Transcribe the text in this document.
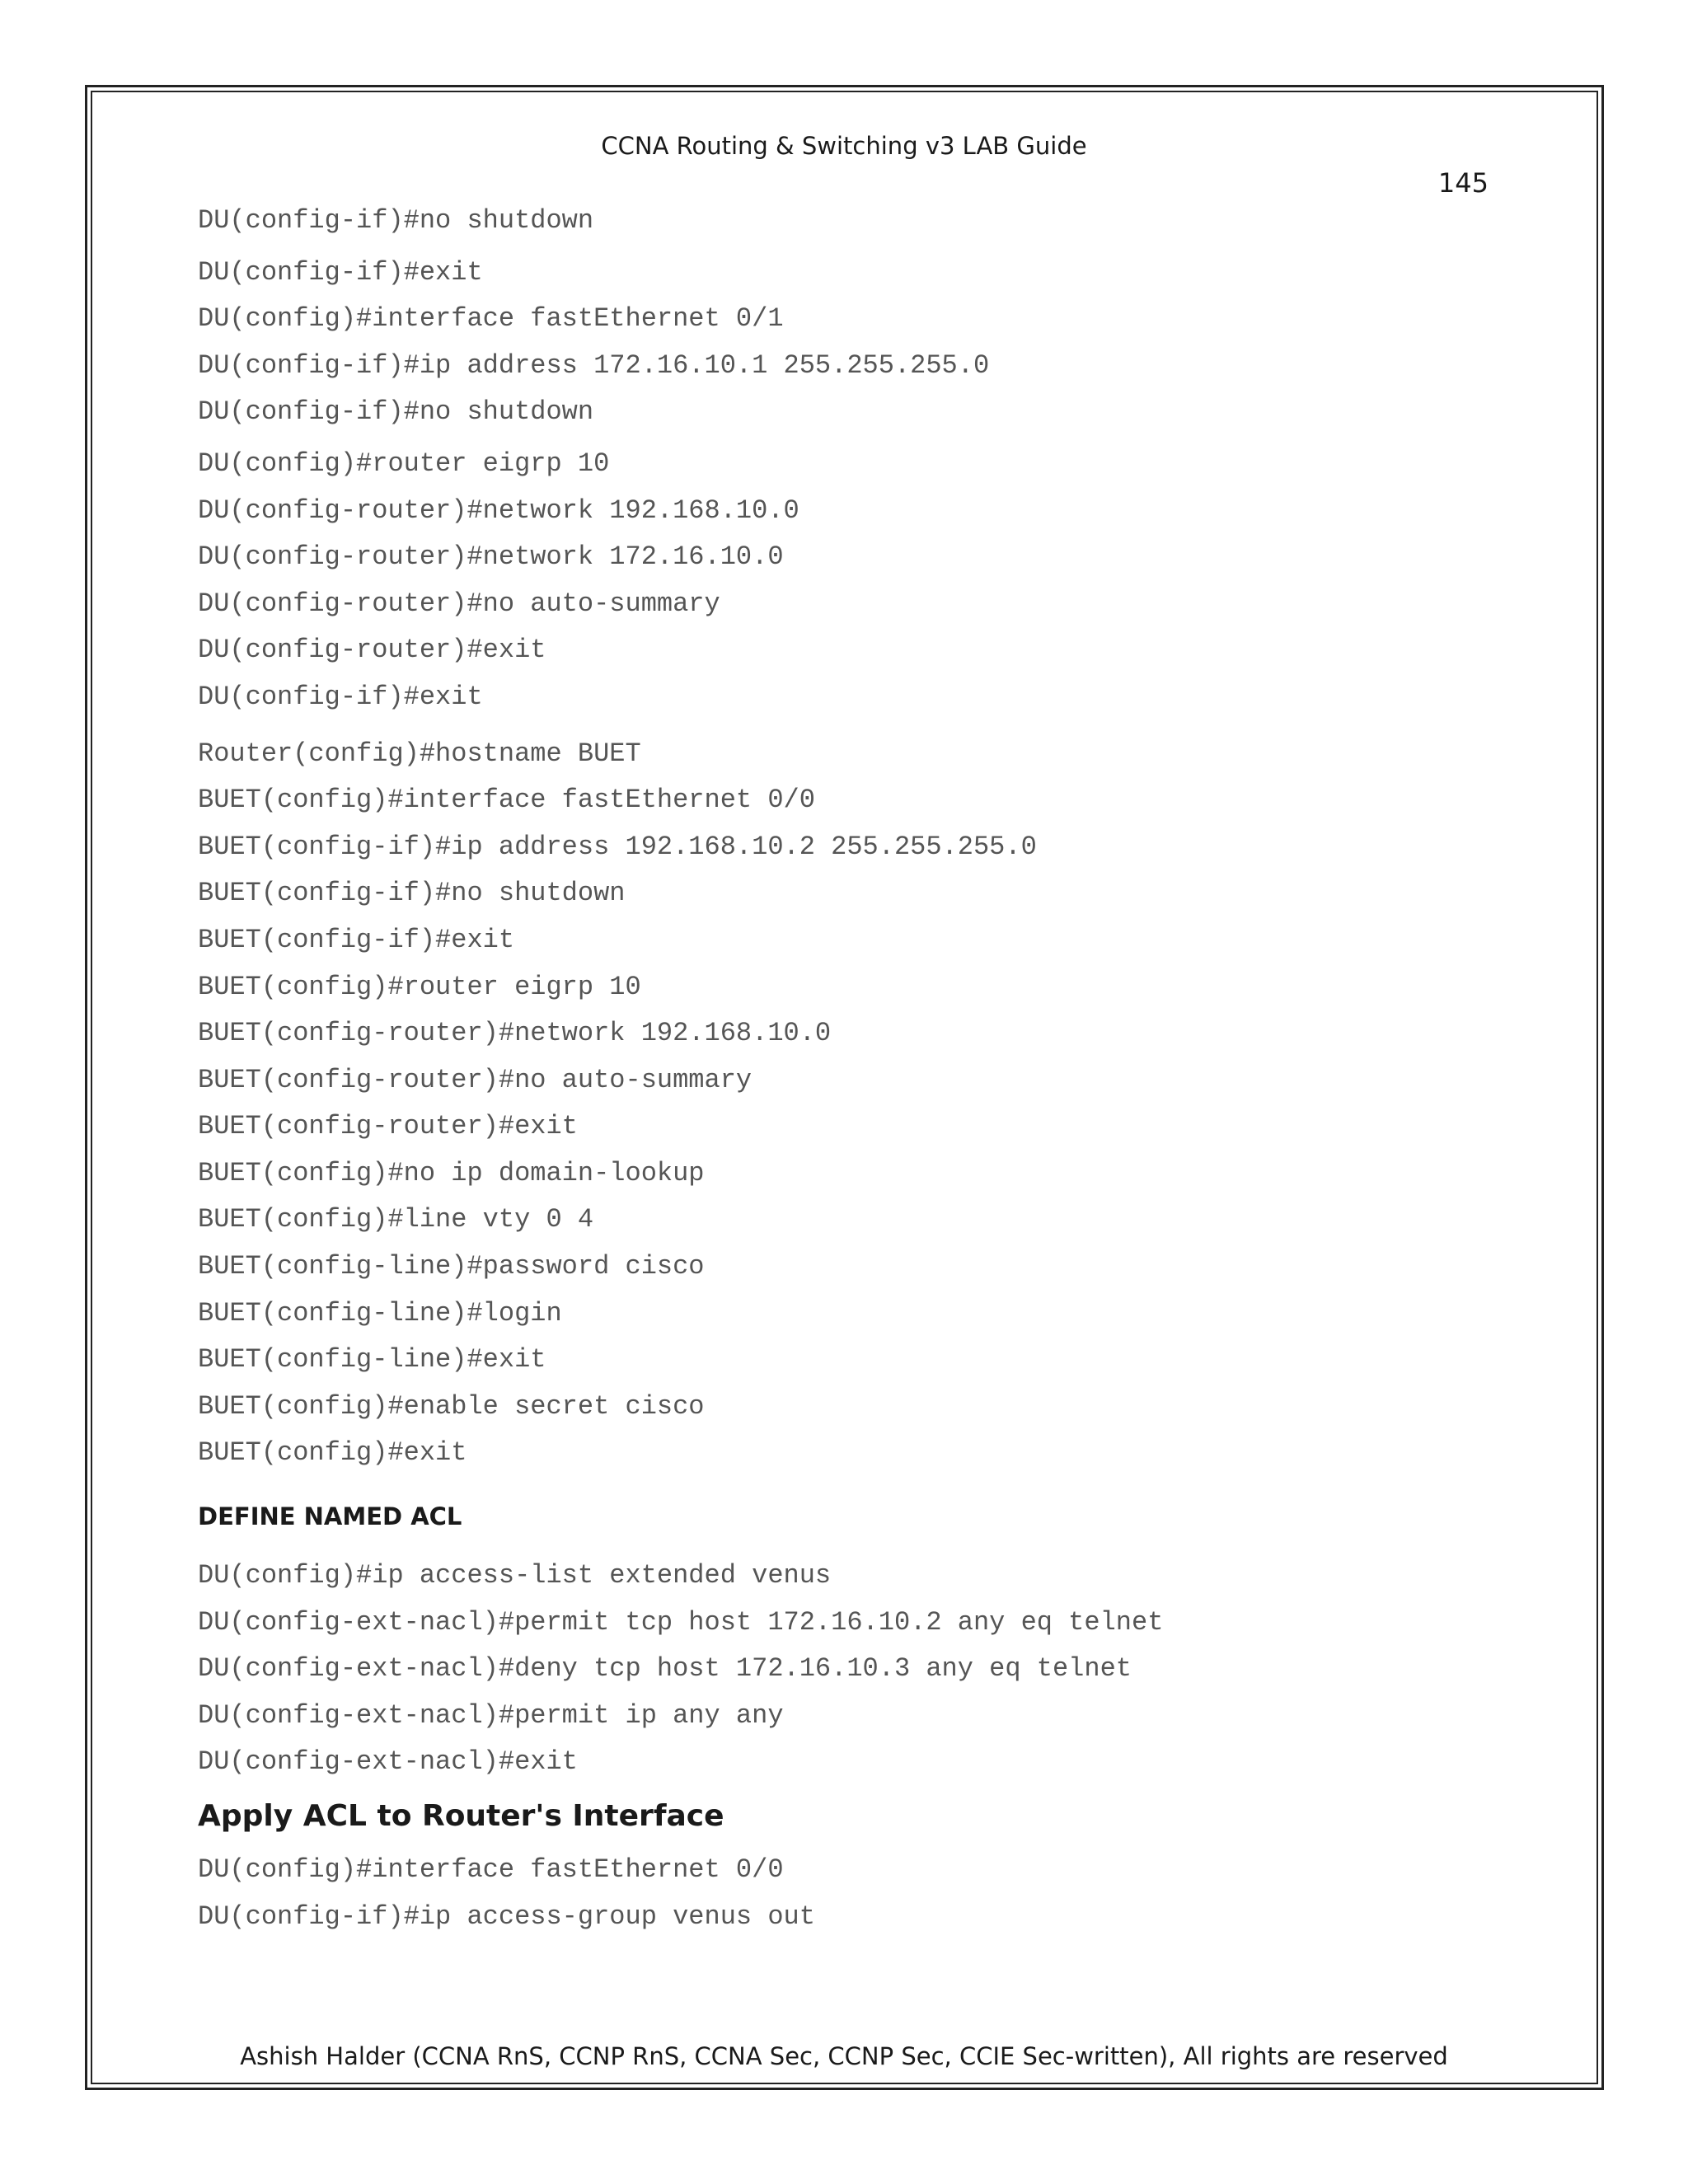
CCNA Routing & Switching v3 LAB Guide
145
DU(config-if)#no shutdown
DU(config-if)#exit
DU(config)#interface fastEthernet 0/1
DU(config-if)#ip address 172.16.10.1 255.255.255.0
DU(config-if)#no shutdown
DU(config)#router eigrp 10
DU(config-router)#network 192.168.10.0
DU(config-router)#network 172.16.10.0
DU(config-router)#no auto-summary
DU(config-router)#exit
DU(config-if)#exit
Router(config)#hostname BUET
BUET(config)#interface fastEthernet 0/0
BUET(config-if)#ip address 192.168.10.2 255.255.255.0
BUET(config-if)#no shutdown
BUET(config-if)#exit
BUET(config)#router eigrp 10
BUET(config-router)#network 192.168.10.0
BUET(config-router)#no auto-summary
BUET(config-router)#exit
BUET(config)#no ip domain-lookup
BUET(config)#line vty 0 4
BUET(config-line)#password cisco
BUET(config-line)#login
BUET(config-line)#exit
BUET(config)#enable secret cisco
BUET(config)#exit
DEFINE NAMED ACL
DU(config)#ip access-list extended venus
DU(config-ext-nacl)#permit tcp host 172.16.10.2 any eq telnet
DU(config-ext-nacl)#deny tcp host 172.16.10.3 any eq telnet
DU(config-ext-nacl)#permit ip any any
DU(config-ext-nacl)#exit
Apply ACL to Router's Interface
DU(config)#interface fastEthernet 0/0
DU(config-if)#ip access-group venus out
Ashish Halder (CCNA RnS, CCNP RnS, CCNA Sec, CCNP Sec, CCIE Sec-written), All rights are reserved
